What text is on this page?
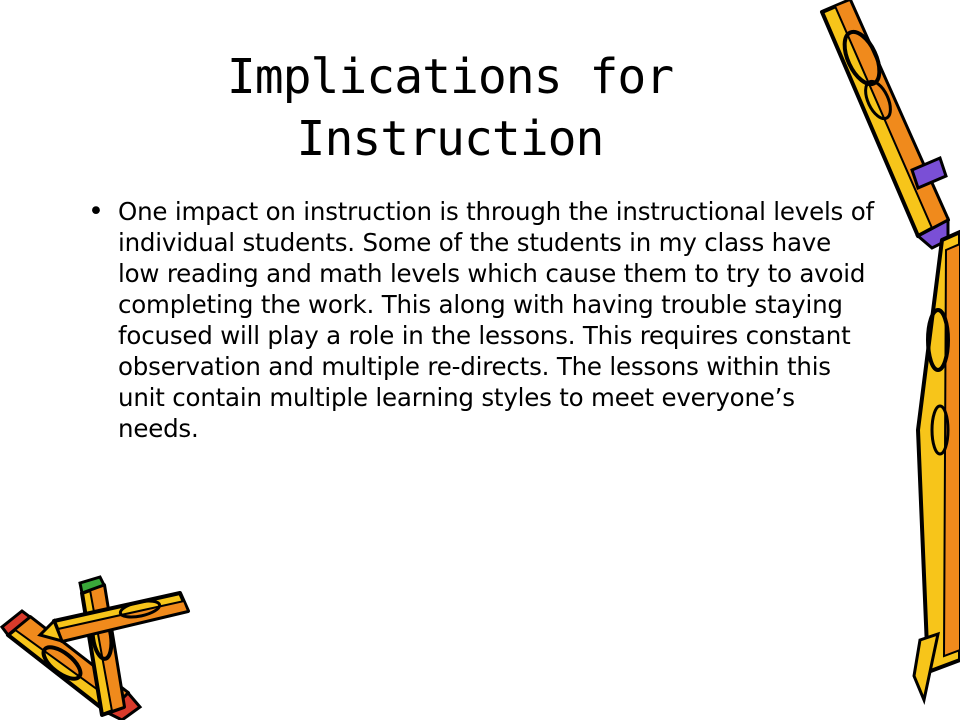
Implications for Instruction
• One impact on instruction is through the instructional levels of individual students. Some of the students in my class have low reading and math levels which cause them to try to avoid completing the work. This along with having trouble staying focused will play a role in the lessons. This requires constant observation and multiple re-directs. The lessons within this unit contain multiple learning styles to meet everyone’s needs.
